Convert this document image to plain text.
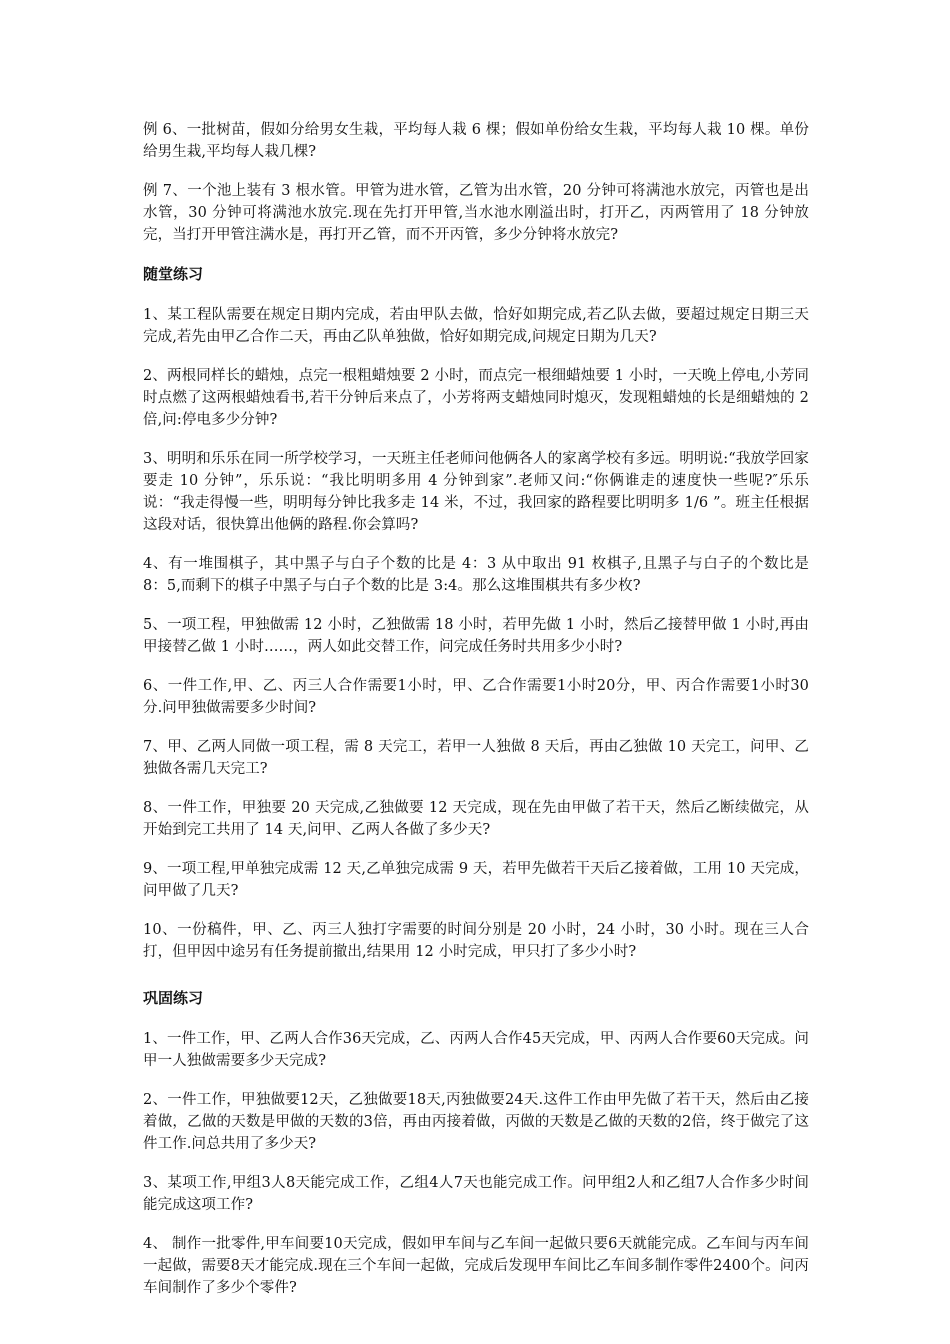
例 6、一批树苗，假如分给男女生栽，平均每人栽 6 棵；假如单份给女生栽，平均每人栽 10 棵。单份给男生栽,平均每人栽几棵?

例 7、一个池上装有 3 根水管。甲管为进水管，乙管为出水管，20 分钟可将满池水放完，丙管也是出水管，30 分钟可将满池水放完.现在先打开甲管,当水池水刚溢出时，打开乙，丙两管用了 18 分钟放完，当打开甲管注满水是，再打开乙管，而不开丙管，多少分钟将水放完?

随堂练习

1、某工程队需要在规定日期内完成，若由甲队去做，恰好如期完成,若乙队去做，要超过规定日期三天完成,若先由甲乙合作二天，再由乙队单独做，恰好如期完成,问规定日期为几天?

2、两根同样长的蜡烛，点完一根粗蜡烛要 2 小时，而点完一根细蜡烛要 1 小时，一天晚上停电,小芳同时点燃了这两根蜡烛看书,若干分钟后来点了，小芳将两支蜡烛同时熄灭，发现粗蜡烛的长是细蜡烛的 2 倍,问:停电多少分钟?

3、明明和乐乐在同一所学校学习，一天班主任老师问他俩各人的家离学校有多远。明明说:“我放学回家要走 10 分钟”，乐乐说：“我比明明多用 4 分钟到家”.老师又问:“你俩谁走的速度快一些呢?″乐乐说：“我走得慢一些，明明每分钟比我多走 14 米，不过，我回家的路程要比明明多 1/6 ”。班主任根据这段对话，很快算出他俩的路程.你会算吗?

4、有一堆围棋子，其中黑子与白子个数的比是 4：3 从中取出 91 枚棋子,且黑子与白子的个数比是 8：5,而剩下的棋子中黑子与白子个数的比是 3:4。那么这堆围棋共有多少枚?

5、一项工程，甲独做需 12 小时，乙独做需 18 小时，若甲先做 1 小时，然后乙接替甲做 1 小时,再由甲接替乙做 1 小时……，两人如此交替工作，问完成任务时共用多少小时?

6、一件工作,甲、乙、丙三人合作需要1小时，甲、乙合作需要1小时20分，甲、丙合作需要1小时30分.问甲独做需要多少时间?

7、甲、乙两人同做一项工程，需 8 天完工，若甲一人独做 8 天后，再由乙独做 10 天完工，问甲、乙独做各需几天完工?

8、一件工作，甲独要 20 天完成,乙独做要 12 天完成，现在先由甲做了若干天，然后乙断续做完，从开始到完工共用了 14 天,问甲、乙两人各做了多少天?

9、一项工程,甲单独完成需 12 天,乙单独完成需 9 天，若甲先做若干天后乙接着做，工用 10 天完成，问甲做了几天?

10、一份稿件，甲、乙、丙三人独打字需要的时间分别是 20 小时，24 小时，30 小时。现在三人合打，但甲因中途另有任务提前撤出,结果用 12 小时完成，甲只打了多少小时?

巩固练习

1、一件工作，甲、乙两人合作36天完成，乙、丙两人合作45天完成，甲、丙两人合作要60天完成。问甲一人独做需要多少天完成?

2、一件工作，甲独做要12天，乙独做要18天,丙独做要24天.这件工作由甲先做了若干天，然后由乙接着做，乙做的天数是甲做的天数的3倍，再由丙接着做，丙做的天数是乙做的天数的2倍，终于做完了这件工作.问总共用了多少天?

3、某项工作,甲组3人8天能完成工作，乙组4人7天也能完成工作。问甲组2人和乙组7人合作多少时间能完成这项工作?

4、 制作一批零件,甲车间要10天完成，假如甲车间与乙车间一起做只要6天就能完成。乙车间与丙车间一起做，需要8天才能完成.现在三个车间一起做，完成后发现甲车间比乙车间多制作零件2400个。问丙车间制作了多少个零件?
